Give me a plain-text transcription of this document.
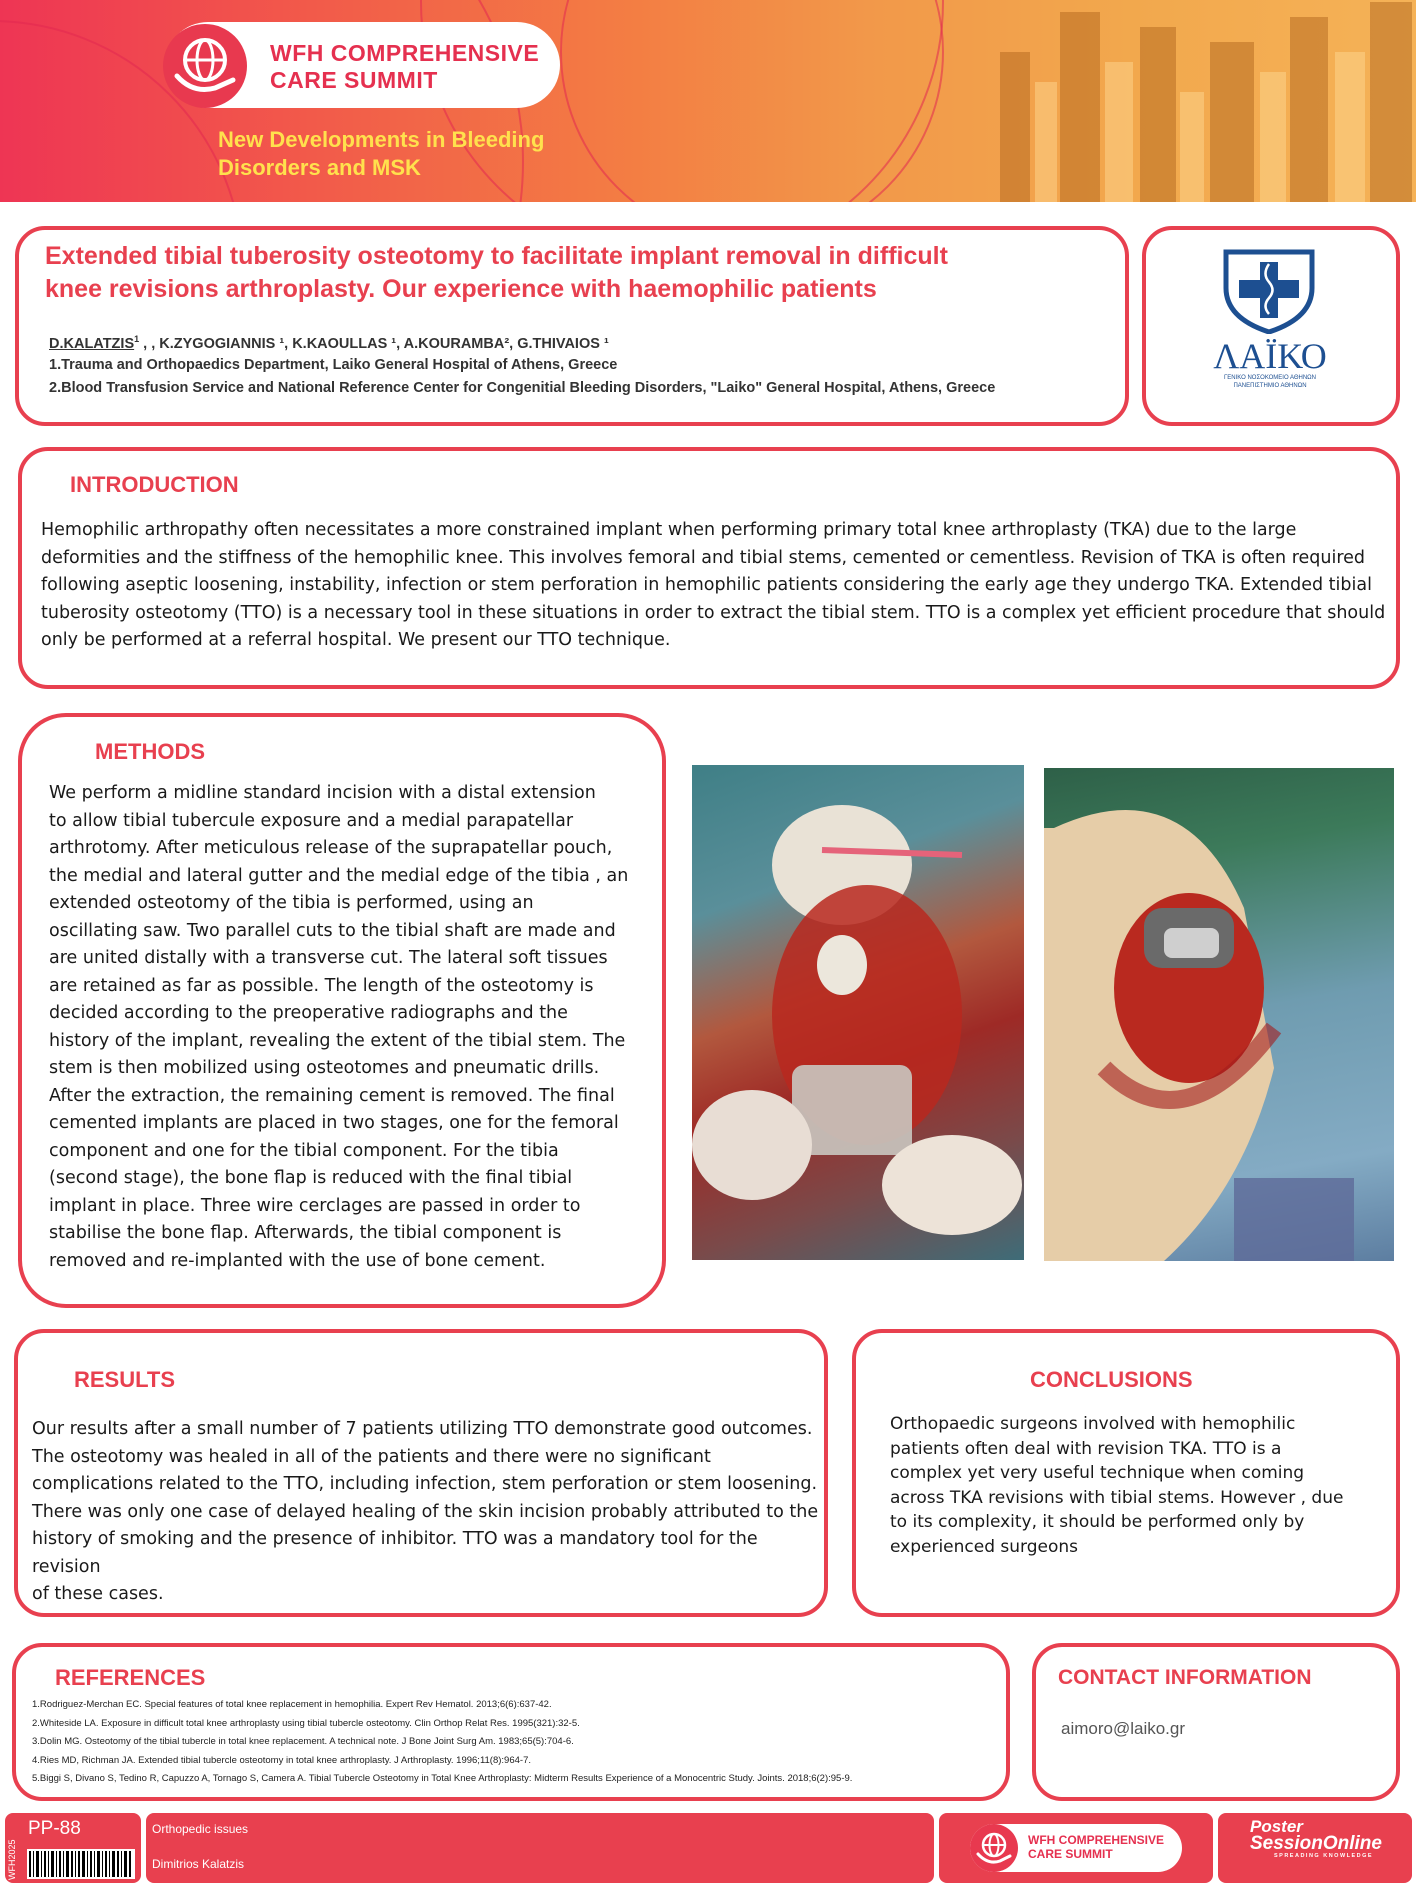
WFH COMPREHENSIVE
CARE SUMMIT
New Developments in Bleeding
Disorders and MSK
Extended tibial tuberosity osteotomy to facilitate implant removal in difficult
knee revisions arthroplasty. Our experience with haemophilic patients
D.KALATZIS$^1$ , , K.ZYGOGIANNIS ¹, K.KAOULLAS ¹, A.KOURAMBA², G.THIVAIOS ¹
1.Trauma and Orthopaedics Department, Laiko General Hospital of Athens, Greece
2.Blood Transfusion Service and National Reference Center for Congenitial Bleeding Disorders, "Laiko" General Hospital, Athens, Greece
ΛΑΪΚΟ
ΓΕΝΙΚΟ ΝΟΣΟΚΟΜΕΙΟ ΑΘΗΝΩΝ
ΠΑΝΕΠΙΣΤΗΜΙΟ ΑΘΗΝΩΝ
INTRODUCTION
Hemophilic arthropathy often necessitates a more constrained implant when performing primary total knee arthroplasty (TKA) due to the large
deformities and the stiffness of the hemophilic knee. This involves femoral and tibial stems, cemented or cementless. Revision of TKA is often required
following aseptic loosening, instability, infection or stem perforation in hemophilic patients considering the early age they undergo TKA. Extended tibial
tuberosity osteotomy (TTO) is a necessary tool in these situations in order to extract the tibial stem. TTO is a complex yet efficient procedure that should
only be performed at a referral hospital. We present our TTO technique.
METHODS
We perform a midline standard incision with a distal extension
to allow tibial tubercule exposure and a medial parapatellar
arthrotomy. After meticulous release of the suprapatellar pouch,
the medial and lateral gutter and the medial edge of the tibia , an
extended osteotomy of the tibia is performed, using an
oscillating saw. Two parallel cuts to the tibial shaft are made and
are united distally with a transverse cut. The lateral soft tissues
are retained as far as possible. The length of the osteotomy is
decided according to the preoperative radiographs and the
history of the implant, revealing the extent of the tibial stem. The
stem is then mobilized using osteotomes and pneumatic drills.
After the extraction, the remaining cement is removed. The final
cemented implants are placed in two stages, one for the femoral
component and one for the tibial component. For the tibia
(second stage), the bone flap is reduced with the final tibial
implant in place. Three wire cerclages are passed in order to
stabilise the bone flap. Afterwards, the tibial component is
removed and re-implanted with the use of bone cement.
RESULTS
Our results after a small number of 7 patients utilizing TTO demonstrate good outcomes.
The osteotomy was healed in all of the patients and there were no significant
complications related to the TTO, including infection, stem perforation or stem loosening.
There was only one case of delayed healing of the skin incision probably attributed to the
history of smoking and the presence of inhibitor. TTO was a mandatory tool for the revision
of these cases.
CONCLUSIONS
Orthopaedic surgeons involved with hemophilic
patients often deal with revision TKA. TTO is a
complex yet very useful technique when coming
across TKA revisions with tibial stems. However , due
to its complexity, it should be performed only by
experienced surgeons
REFERENCES
1.Rodriguez-Merchan EC. Special features of total knee replacement in hemophilia. Expert Rev Hematol. 2013;6(6):637-42.
2.Whiteside LA. Exposure in difficult total knee arthroplasty using tibial tubercle osteotomy. Clin Orthop Relat Res. 1995(321):32-5.
3.Dolin MG. Osteotomy of the tibial tubercle in total knee replacement. A technical note. J Bone Joint Surg Am. 1983;65(5):704-6.
4.Ries MD, Richman JA. Extended tibial tubercle osteotomy in total knee arthroplasty. J Arthroplasty. 1996;11(8):964-7.
5.Biggi S, Divano S, Tedino R, Capuzzo A, Tornago S, Camera A. Tibial Tubercle Osteotomy in Total Knee Arthroplasty: Midterm Results Experience of a Monocentric Study. Joints. 2018;6(2):95-9.
CONTACT INFORMATION
aimoro@laiko.gr
PP-88
WFH2025
Orthopedic issues
Dimitrios Kalatzis
WFH COMPREHENSIVE
CARE SUMMIT
Poster
SessionOnline
SPREADING KNOWLEDGE
